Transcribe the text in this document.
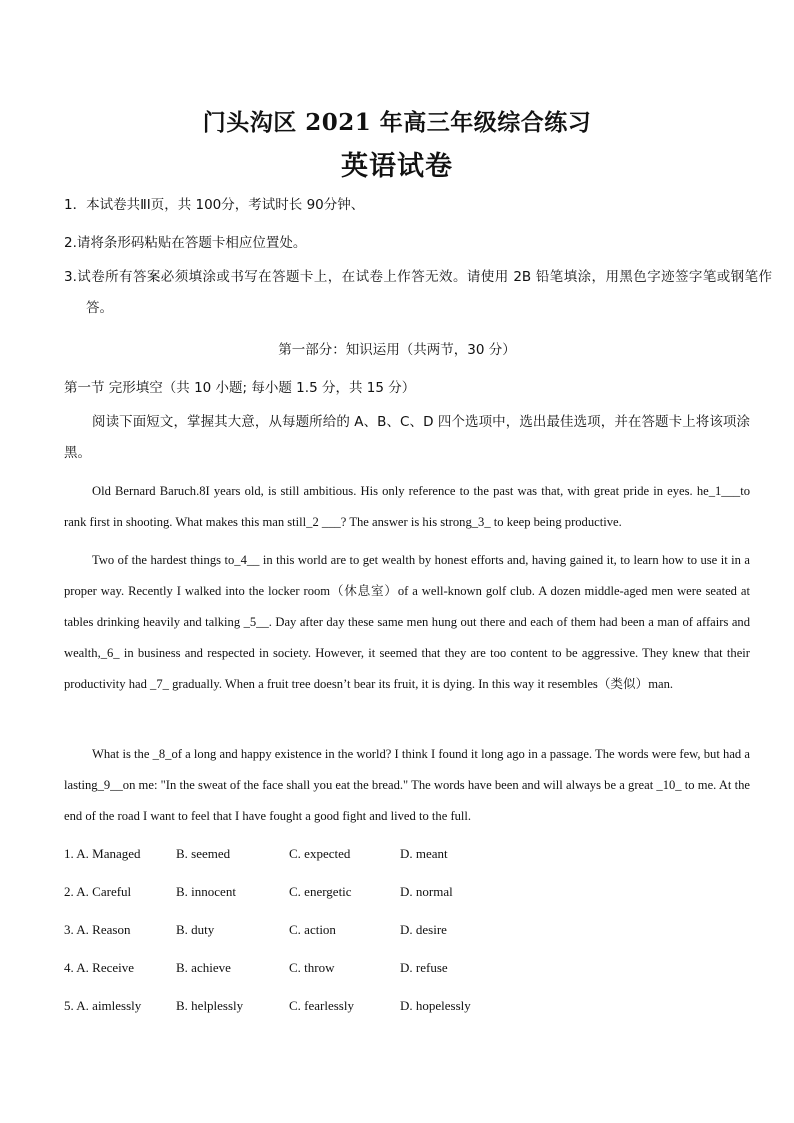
门头沟区 2021 年高三年级综合练习
英语试卷
1．本试卷共ⅡI页，共 100分，考试时长 90分钟、
2.请将条形码粘贴在答题卡相应位置处。
3.试卷所有答案必须填涂或书写在答题卡上，在试卷上作答无效。请使用 2B 铅笔填涂，用黑色字迹签字笔或钢笔作答。
第一部分：知识运用（共两节，30 分）
第一节 完形填空（共 10 小题; 每小题 1.5 分，共 15 分）
阅读下面短文，掌握其大意，从每题所给的 A、B、C、D 四个选项中，选出最佳选项，并在答题卡上将该项涂黑。
Old Bernard Baruch.8I years old, is still ambitious. His only reference to the past was that, with great pride in eyes. he_1___to rank first in shooting. What makes this man still_2 ___? The answer is his strong_3_ to keep being productive.
Two of the hardest things to_4__ in this world are to get wealth by honest efforts and, having gained it, to learn how to use it in a proper way. Recently I walked into the locker room（休息室）of a well-known golf club. A dozen middle-aged men were seated at tables drinking heavily and talking _5__. Day after day these same men hung out there and each of them had been a man of affairs and wealth,_6_ in business and respected in society. However, it seemed that they are too content to be aggressive. They knew that their productivity had _7_ gradually. When a fruit tree doesn’t bear its fruit, it is dying. In this way it resembles（类似）man.
What is the _8_of a long and happy existence in the world? I think I found it long ago in a passage. The words were few, but had a lasting_9__on me: "In the sweat of the face shall you eat the bread." The words have been and will always be a great _10_ to me. At the end of the road I want to feel that I have fought a good fight and lived to the full.
1. A. Managed	B. seemed	C. expected	D. meant
2. A. Careful	B. innocent	C. energetic	D. normal
3. A. Reason	B. duty	C. action	D. desire
4. A. Receive	B. achieve	C. throw	D. refuse
5. A. aimlessly	B. helplessly	C. fearlessly	D. hopelessly
